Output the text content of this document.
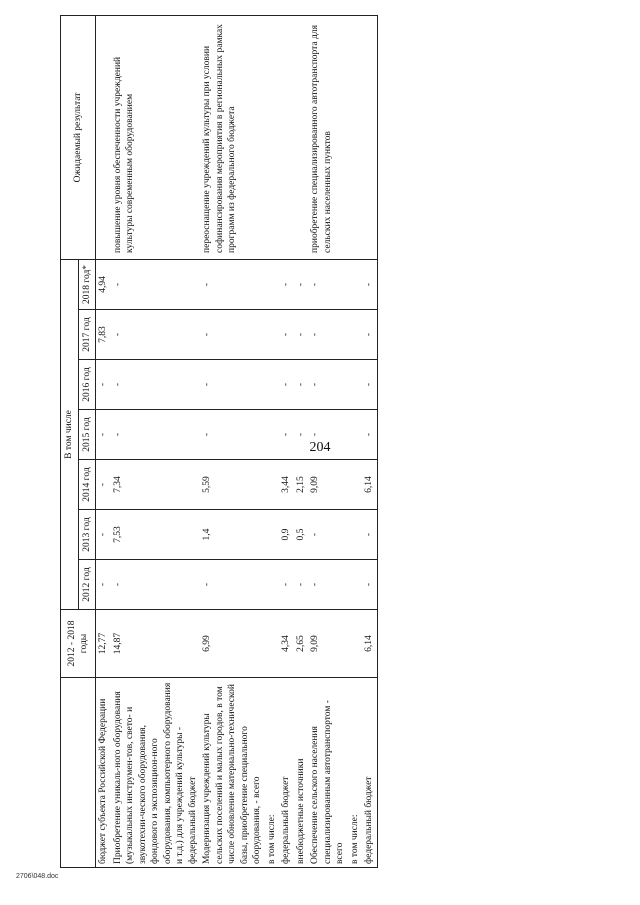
204
	2012 - 2018 годы	В том числе							Ожидаемый результат
		2012 год	2013 год	2014 год	2015 год	2016 год	2017 год	2018 год*	
бюджет субъекта Российской Федерации	12,77	-	-	-	-	-	7,83	4,94	
Приобретение уникаль-ного оборудования (музыкальных инструмен-тов, свето- и звукотехни-ческого оборудования, фондового и экспозицион-ного оборудования, компьютерного оборудования и т.д.) для учреждений культуры - федеральный бюджет	14,87	-	7,53	7,34	-	-	-	-	повышение уровня обеспеченности учреждений культуры современным оборудованием
Модернизация учреждений культуры сельских поселений и малых городов, в том числе обновление материально-технической базы, приобретение специального оборудования, - всего	6,99	-	1,4	5,59	-	-	-	-	переоснащение учреждений культуры при условии софинансирования мероприятия в региональных рамках программ из федерального бюджета
в том числе:									
федеральный бюджет	4,34	-	0,9	3,44	-	-	-	-	
внебюджетные источники	2,65	-	0,5	2,15	-	-	-	-	
Обеспечение сельского населения специализированным автотранспортом - всего	9,09	-	-	9,09	-	-	-	-	приобретение специализированного автотранспорта для сельских населенных пунктов
в том числе:									
федеральный бюджет	6,14	-	-	6,14	-	-	-	-	
2706\048.doc
